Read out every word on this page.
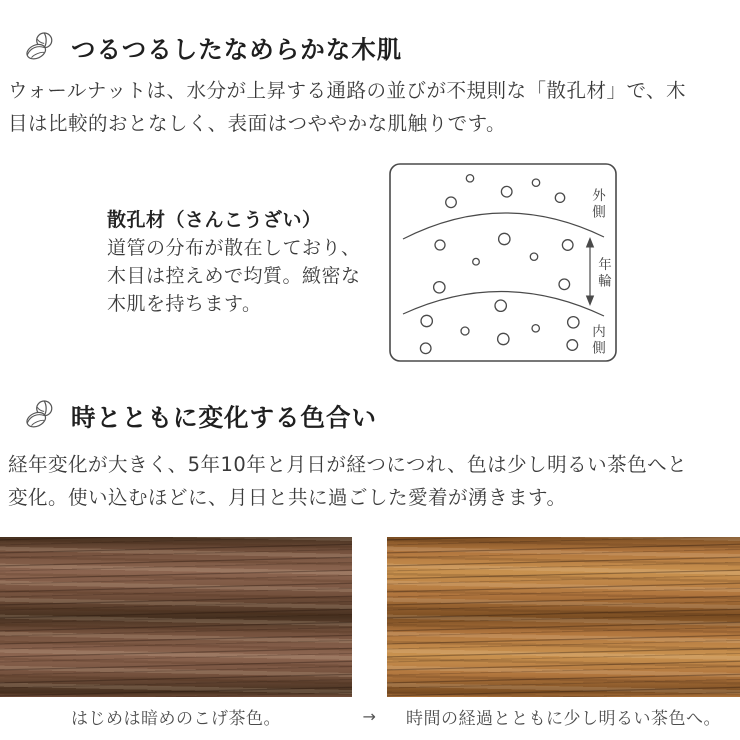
つるつるしたなめらかな木肌
ウォールナットは、水分が上昇する通路の並びが不規則な「散孔材」で、木
目は比較的おとなしく、表面はつややかな肌触りです。
散孔材（さんこうざい）
道管の分布が散在しており、
木目は控えめで均質。緻密な
木肌を持ちます。
外側
年輪
内側
時とともに変化する色合い
経年変化が大きく、5年10年と月日が経つにつれ、色は少し明るい茶色へと
変化。使い込むほどに、月日と共に過ごした愛着が湧きます。
はじめは暗めのこげ茶色。	→	時間の経過とともに少し明るい茶色へ。
